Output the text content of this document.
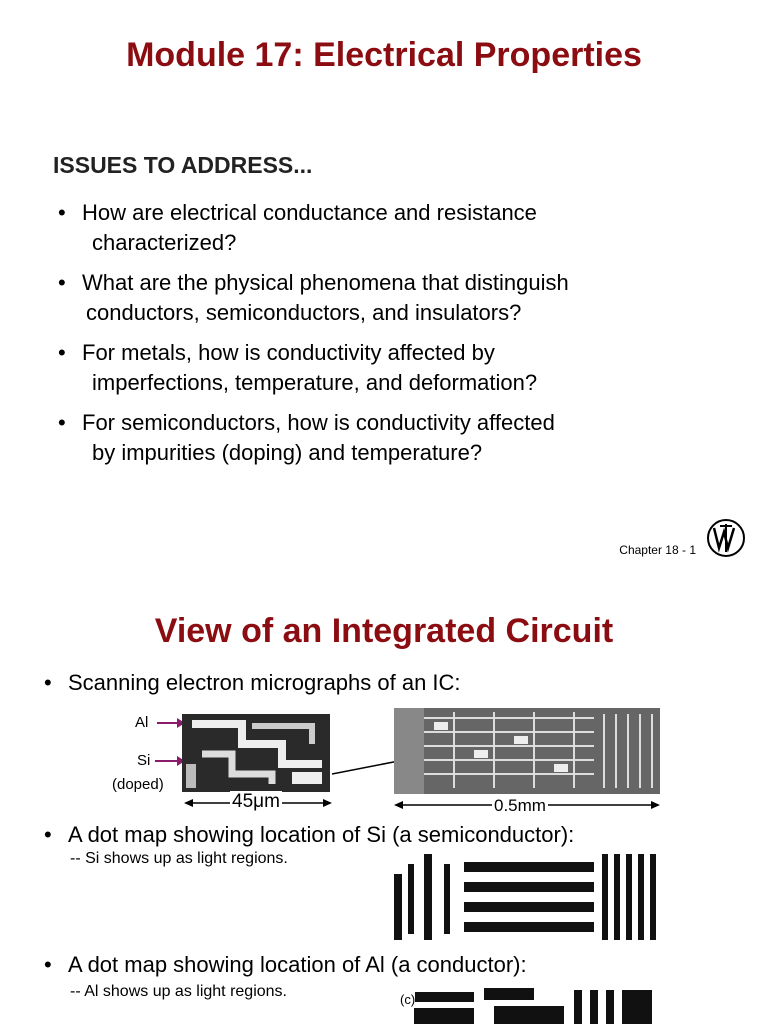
Module 17: Electrical Properties
ISSUES TO ADDRESS...
• How are electrical conductance and resistance
characterized?
• What are the physical phenomena that distinguish
conductors, semiconductors, and insulators?
• For metals, how is conductivity affected by
imperfections, temperature, and deformation?
• For semiconductors, how is conductivity affected
by impurities (doping) and temperature?
Chapter 18 - 1
View of an Integrated Circuit
• Scanning electron micrographs of an IC:
Al
Si
(doped)
45μm	0.5mm
• A dot map showing location of Si (a semiconductor):
-- Si shows up as light regions.
• A dot map showing location of Al (a conductor):
-- Al shows up as light regions.	(c)
